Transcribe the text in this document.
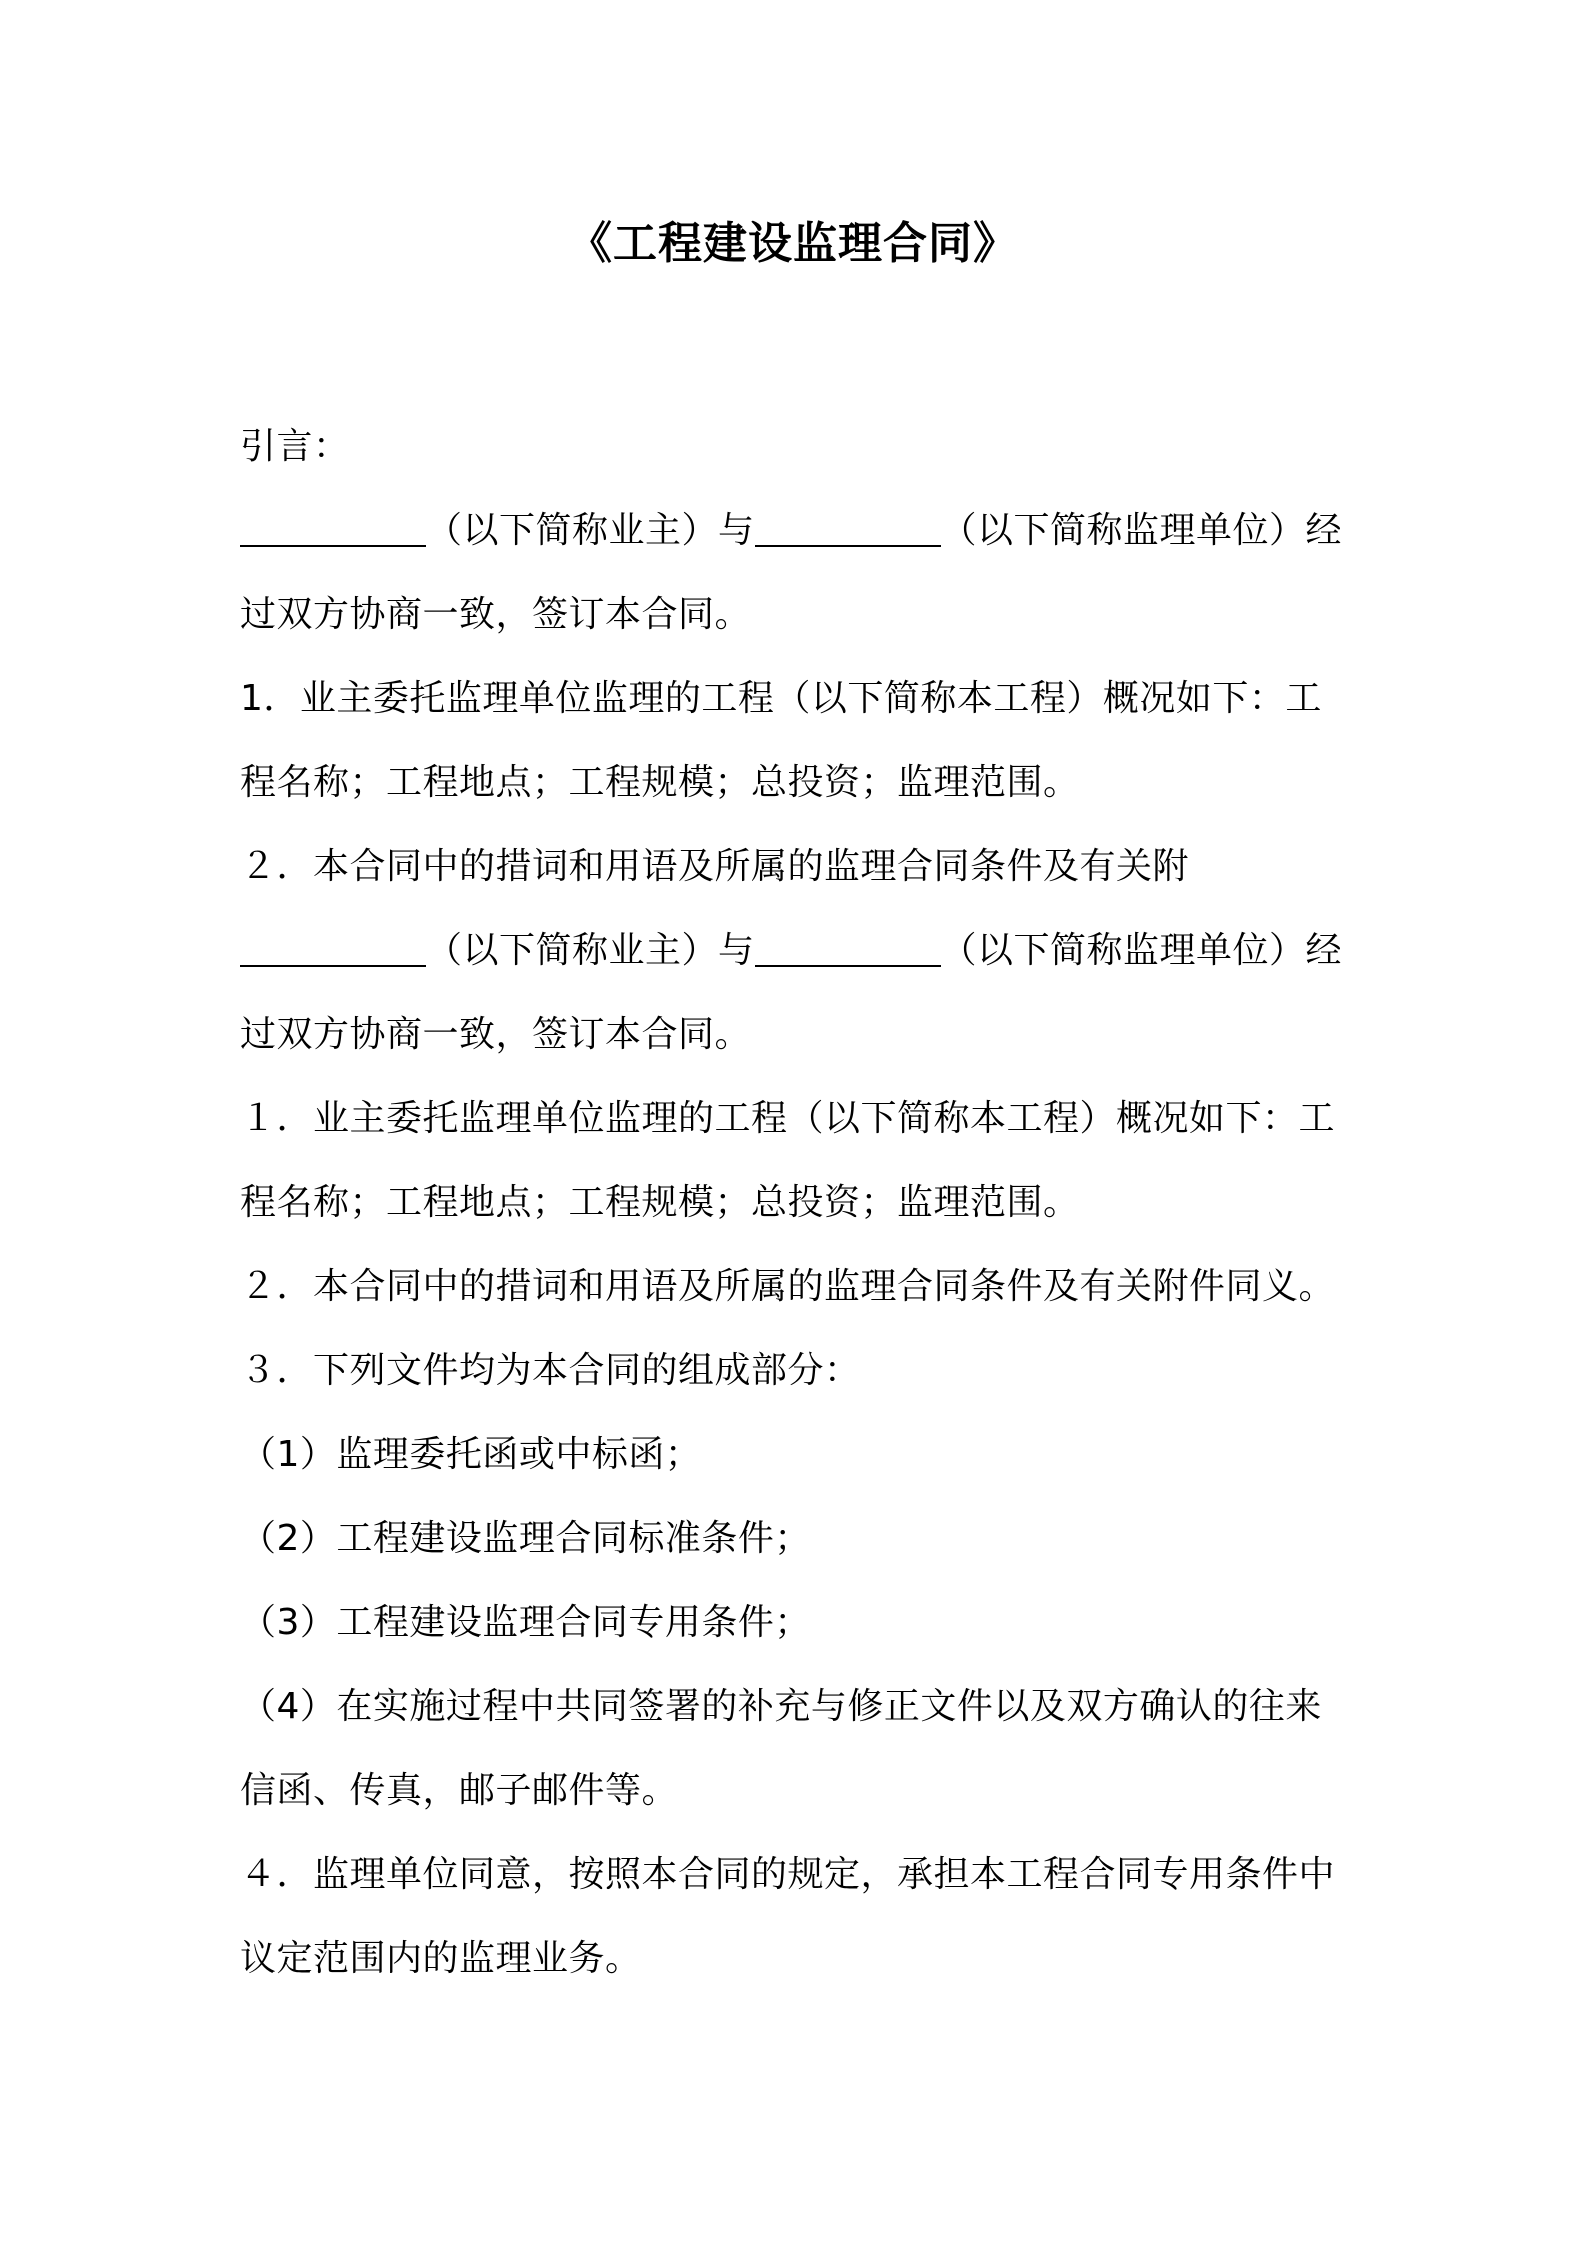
《工程建设监理合同》
引言：
（以下简称业主）与	（以下简称监理单位）经
过双方协商一致，签订本合同。
1．业主委托监理单位监理的工程（以下简称本工程）概况如下：工
程名称；工程地点；工程规模；总投资；监理范围。
２．本合同中的措词和用语及所属的监理合同条件及有关附
（以下简称业主）与	（以下简称监理单位）经
过双方协商一致，签订本合同。
１．业主委托监理单位监理的工程（以下简称本工程）概况如下：工
程名称；工程地点；工程规模；总投资；监理范围。
２．本合同中的措词和用语及所属的监理合同条件及有关附件同义。
３．下列文件均为本合同的组成部分：
（1）监理委托函或中标函；
（2）工程建设监理合同标准条件；
（3）工程建设监理合同专用条件；
（4）在实施过程中共同签署的补充与修正文件以及双方确认的往来
信函、传真，邮子邮件等。
４．监理单位同意，按照本合同的规定，承担本工程合同专用条件中
议定范围内的监理业务。
